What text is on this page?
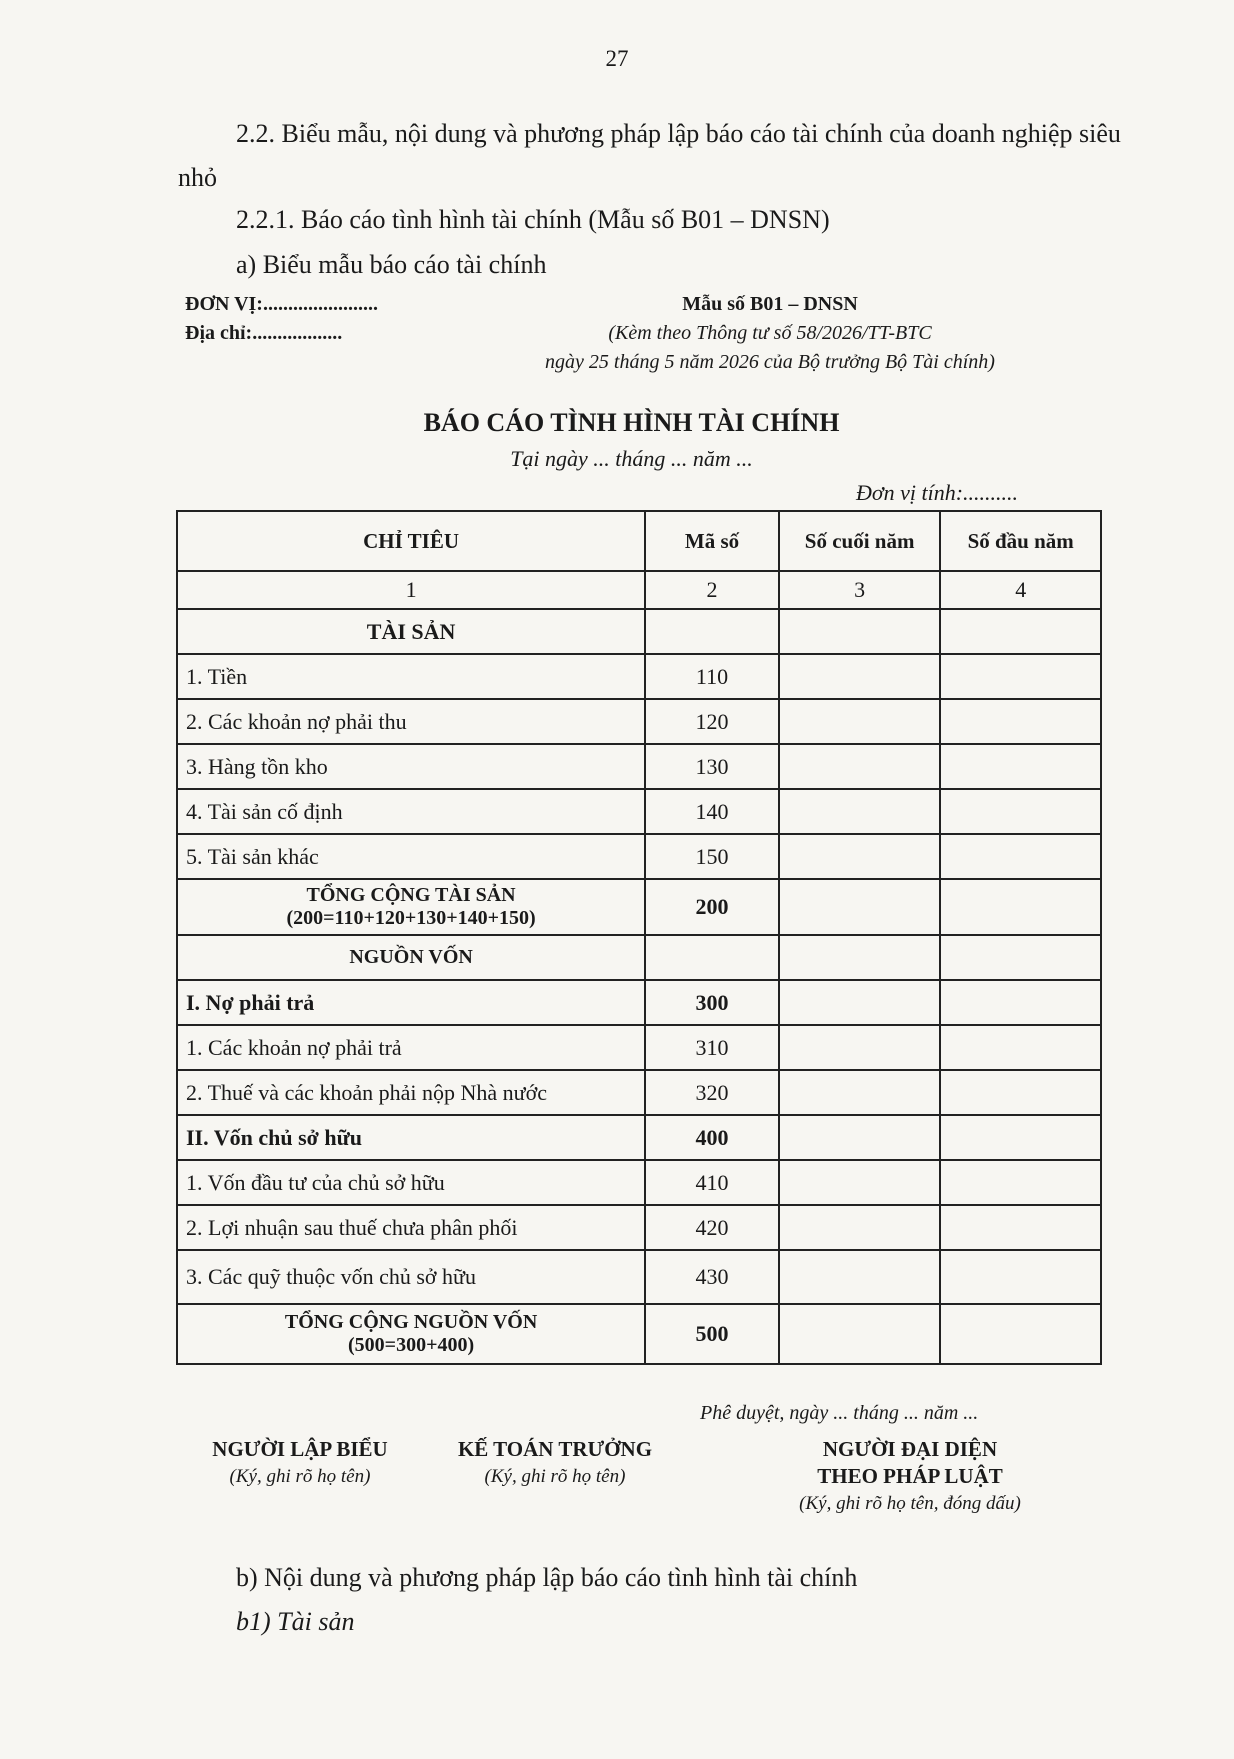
27
2.2. Biểu mẫu, nội dung và phương pháp lập báo cáo tài chính của doanh nghiệp siêu nhỏ
2.2.1. Báo cáo tình hình tài chính (Mẫu số B01 – DNSN)
a) Biểu mẫu báo cáo tài chính
ĐƠN VỊ:.......................
Địa chỉ:..................
Mẫu số B01 – DNSN
(Kèm theo Thông tư số 58/2026/TT-BTC
ngày 25 tháng 5 năm 2026 của Bộ trưởng Bộ Tài chính)
BÁO CÁO TÌNH HÌNH TÀI CHÍNH
Tại ngày ... tháng ... năm ...
Đơn vị tính:..........
CHỈ TIÊU	Mã số	Số cuối năm	Số đầu năm
1	2	3	4
TÀI SẢN			
1. Tiền	110		
2. Các khoản nợ phải thu	120		
3. Hàng tồn kho	130		
4. Tài sản cố định	140		
5. Tài sản khác	150		

TỔNG CỘNG TÀI SẢN
(200=110+120+130+140+150)	200		
NGUỒN VỐN			
I. Nợ phải trả	300		
1. Các khoản nợ phải trả	310		
2. Thuế và các khoản phải nộp Nhà nước	320		
II. Vốn chủ sở hữu	400		
1. Vốn đầu tư của chủ sở hữu	410		
2. Lợi nhuận sau thuế chưa phân phối	420		
3. Các quỹ thuộc vốn chủ sở hữu	430		

TỔNG CỘNG NGUỒN VỐN
(500=300+400)	500		
Phê duyệt, ngày ... tháng ... năm ...
NGƯỜI LẬP BIỂU
(Ký, ghi rõ họ tên)
KẾ TOÁN TRƯỞNG
(Ký, ghi rõ họ tên)
NGƯỜI ĐẠI DIỆN
THEO PHÁP LUẬT
(Ký, ghi rõ họ tên, đóng dấu)
b) Nội dung và phương pháp lập báo cáo tình hình tài chính
b1) Tài sản
